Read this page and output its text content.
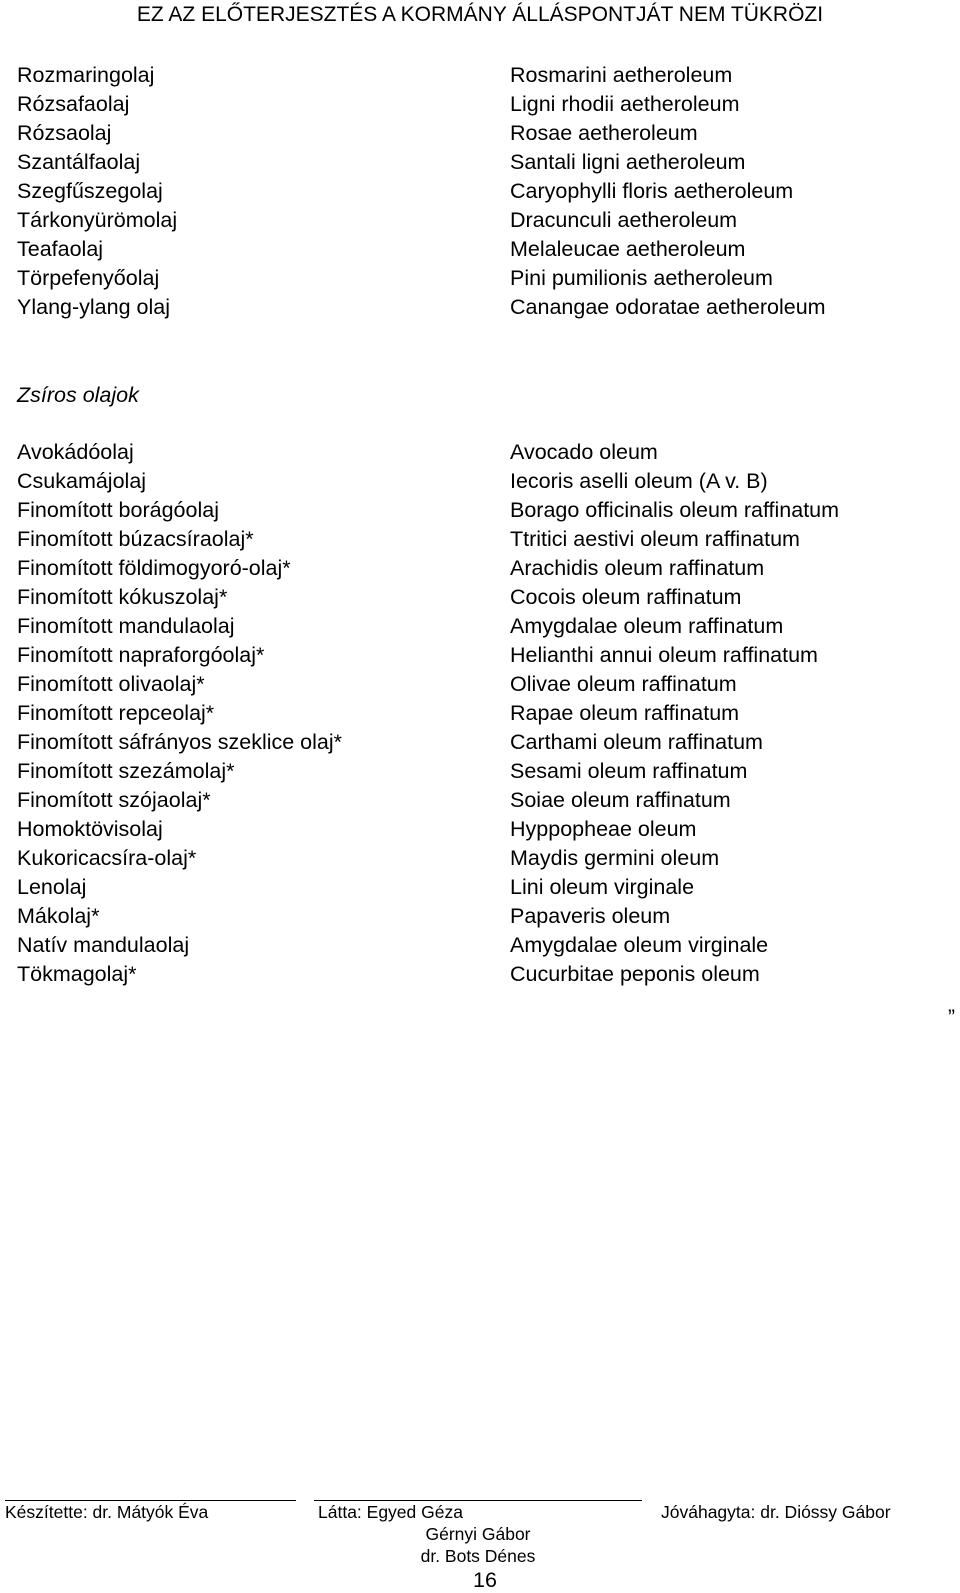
EZ AZ ELŐTERJESZTÉS A KORMÁNY ÁLLÁSPONTJÁT NEM TÜKRÖZI
Rozmaringolaj
Rózsafaolaj
Rózsaolaj
Szantálfaolaj
Szegfűszegolaj
Tárkonyürömolaj
Teafaolaj
Törpefenyőolaj
Ylang-ylang olaj
Rosmarini aetheroleum
Ligni rhodii aetheroleum
Rosae aetheroleum
Santali ligni aetheroleum
Caryophylli floris aetheroleum
Dracunculi aetheroleum
Melaleucae aetheroleum
Pini pumilionis aetheroleum
Canangae odoratae aetheroleum
Zsíros olajok
Avokádóolaj
Csukamájolaj
Finomított borágóolaj
Finomított búzacsíraolaj*
Finomított földimogyoró-olaj*
Finomított kókuszolaj*
Finomított mandulaolaj
Finomított napraforgóolaj*
Finomított olivaolaj*
Finomított repceolaj*
Finomított sáfrányos szeklice olaj*
Finomított szezámolaj*
Finomított szójaolaj*
Homoktövisolaj
Kukoricacsíra-olaj*
Lenolaj
Mákolaj*
Natív mandulaolaj
Tökmagolaj*
Avocado oleum
Iecoris aselli oleum (A v. B)
Borago officinalis oleum raffinatum
Ttritici aestivi oleum raffinatum
Arachidis oleum raffinatum
Cocois oleum raffinatum
Amygdalae oleum raffinatum
Helianthi annui oleum raffinatum
Olivae oleum raffinatum
Rapae oleum raffinatum
Carthami oleum raffinatum
Sesami oleum raffinatum
Soiae oleum raffinatum
Hyppopheae oleum
Maydis germini oleum
Lini oleum virginale
Papaveris oleum
Amygdalae oleum virginale
Cucurbitae peponis oleum
”
Készítette: dr. Mátyók Éva	Látta: Egyed Géza
Gérnyi Gábor
dr. Bots Dénes
Jóváhagyta: dr. Dióssy Gábor
16
